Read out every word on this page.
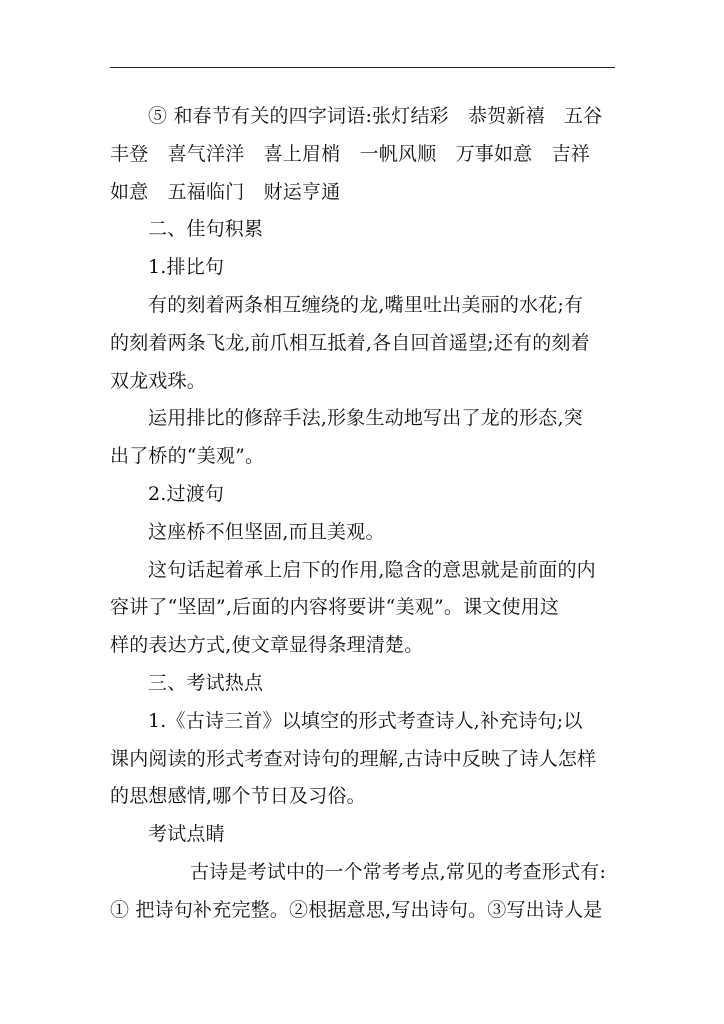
⑤ 和春节有关的四字词语:张灯结彩　恭贺新禧　五谷
丰登　喜气洋洋　喜上眉梢　一帆风顺　万事如意　吉祥
如意　五福临门　财运亨通
二、佳句积累
1.排比句
有的刻着两条相互缠绕的龙,嘴里吐出美丽的水花;有
的刻着两条飞龙,前爪相互抵着,各自回首遥望;还有的刻着
双龙戏珠。
运用排比的修辞手法,形象生动地写出了龙的形态,突
出了桥的“美观”。
2.过渡句
这座桥不但坚固,而且美观。
这句话起着承上启下的作用,隐含的意思就是前面的内
容讲了“坚固”,后面的内容将要讲“美观”。课文使用这
样的表达方式,使文章显得条理清楚。
三、考试热点
1.《古诗三首》以填空的形式考查诗人,补充诗句;以
课内阅读的形式考查对诗句的理解,古诗中反映了诗人怎样
的思想感情,哪个节日及习俗。
考试点睛
古诗是考试中的一个常考考点,常见的考查形式有:
① 把诗句补充完整。②根据意思,写出诗句。③写出诗人是
